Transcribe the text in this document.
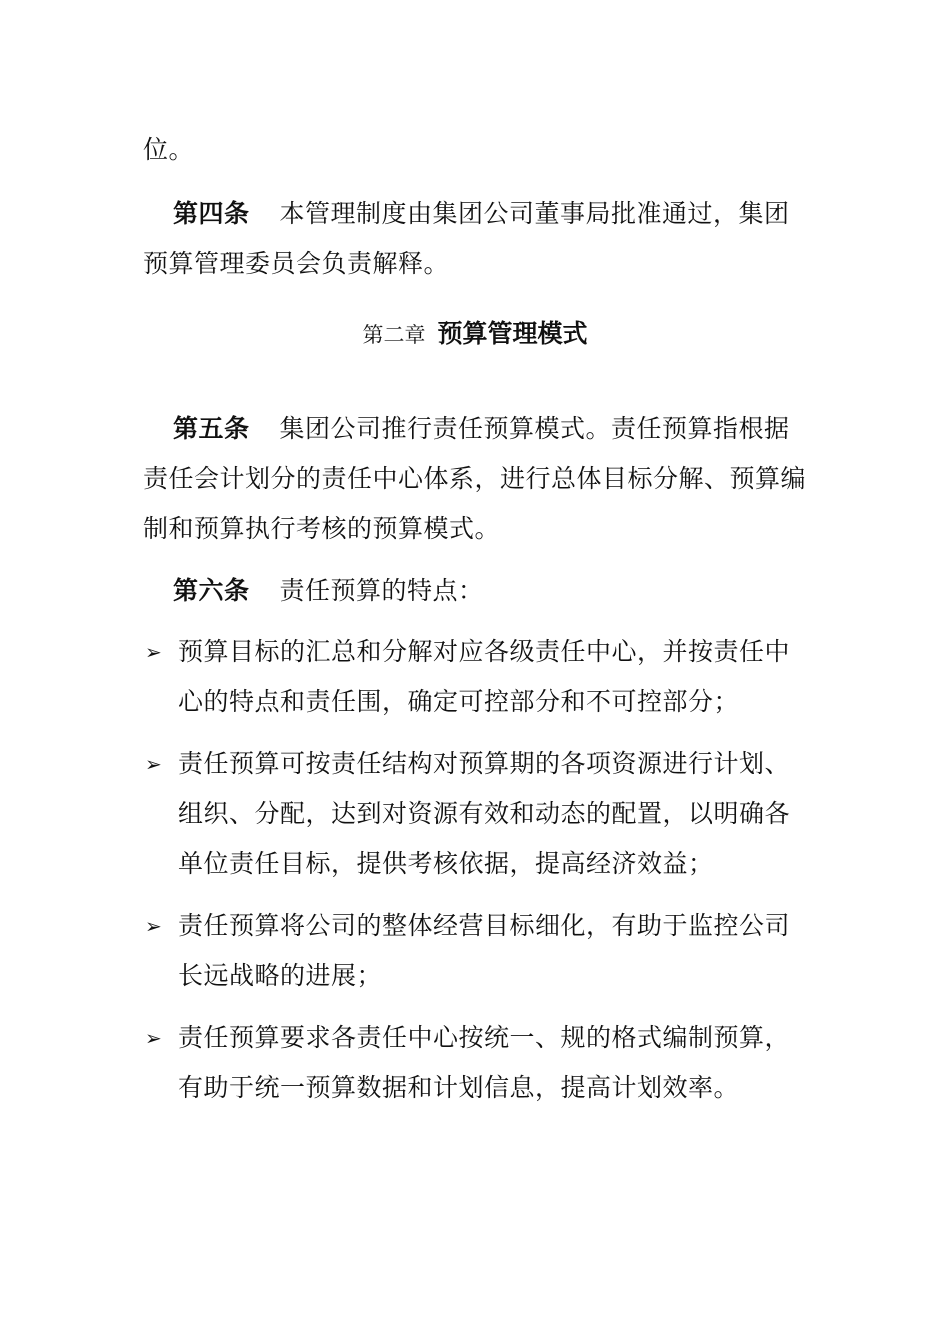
位。
第四条 本管理制度由集团公司董事局批准通过，集团预算管理委员会负责解释。
第二章 预算管理模式
第五条 集团公司推行责任预算模式。责任预算指根据责任会计划分的责任中心体系，进行总体目标分解、预算编制和预算执行考核的预算模式。
第六条 责任预算的特点：
➢ 预算目标的汇总和分解对应各级责任中心，并按责任中心的特点和责任围，确定可控部分和不可控部分；
➢ 责任预算可按责任结构对预算期的各项资源进行计划、组织、分配，达到对资源有效和动态的配置，以明确各单位责任目标，提供考核依据，提高经济效益；
➢ 责任预算将公司的整体经营目标细化，有助于监控公司长远战略的进展；
➢ 责任预算要求各责任中心按统一、规的格式编制预算，有助于统一预算数据和计划信息，提高计划效率。
